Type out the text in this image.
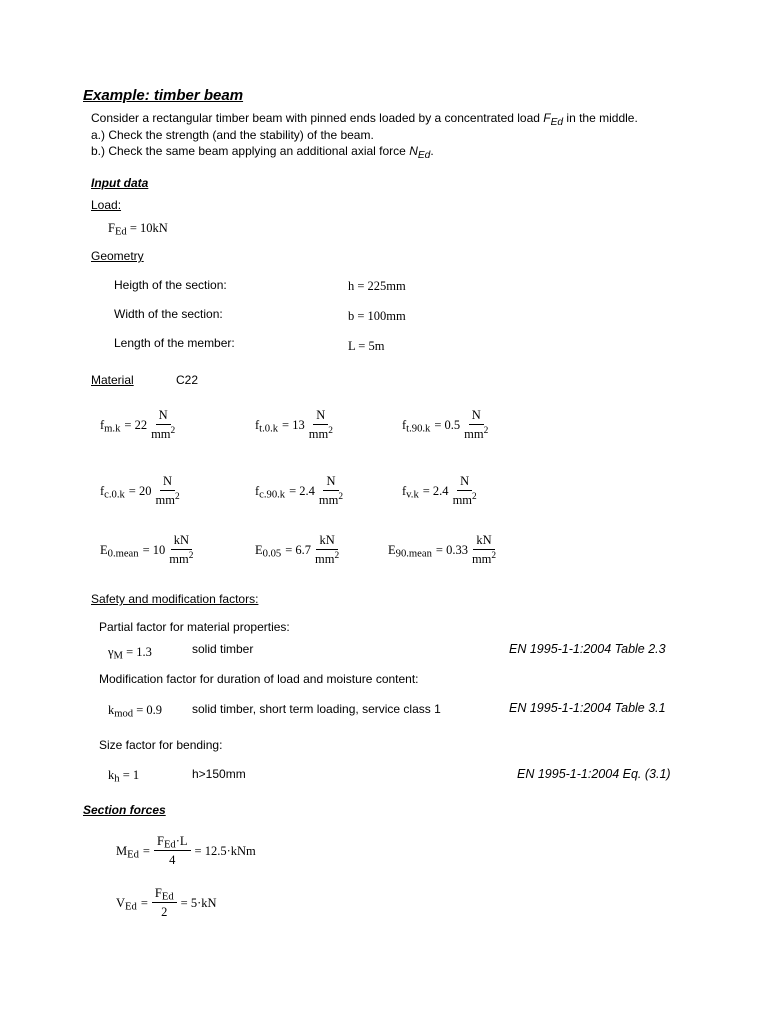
Example: timber beam
Consider a rectangular timber beam with pinned ends loaded by a concentrated load $F_{Ed}$ in the middle.
a.) Check the strength (and the stability) of the beam.
b.) Check the same beam applying an additional axial force $N_{Ed}$.
Input data
Load:
$F_{Ed} = 10kN$
Geometry
Heigth of the section:	h = 225mm
Width of the section:	b = 100mm
Length of the member:	L = 5m
Material	C22
$f_{m.k} = 22 \frac{N}{mm^2}$	$f_{t.0.k} = 13 \frac{N}{mm^2}$	$f_{t.90.k} = 0.5 \frac{N}{mm^2}$
$f_{c.0.k} = 20 \frac{N}{mm^2}$	$f_{c.90.k} = 2.4 \frac{N}{mm^2}$	$f_{v.k} = 2.4 \frac{N}{mm^2}$
$E_{0.mean} = 10 \frac{kN}{mm^2}$	$E_{0.05} = 6.7 \frac{kN}{mm^2}$	$E_{90.mean} = 0.33 \frac{kN}{mm^2}$
Safety and modification factors:
Partial factor for material properties:
$\gamma_M = 1.3$	solid timber	EN 1995-1-1:2004 Table 2.3
Modification factor for duration of load and moisture content:
$k_{mod} = 0.9$ solid timber, short term loading, service class 1	EN 1995-1-1:2004 Table 3.1
Size factor for bending:
$k_h = 1$	h>150mm	EN 1995-1-1:2004 Eq. (3.1)
Section forces
$M_{Ed} = \frac{F_{Ed}\cdot L}{4} = 12.5\cdot kNm$
$V_{Ed} = \frac{F_{Ed}}{2} = 5\cdot kN$
